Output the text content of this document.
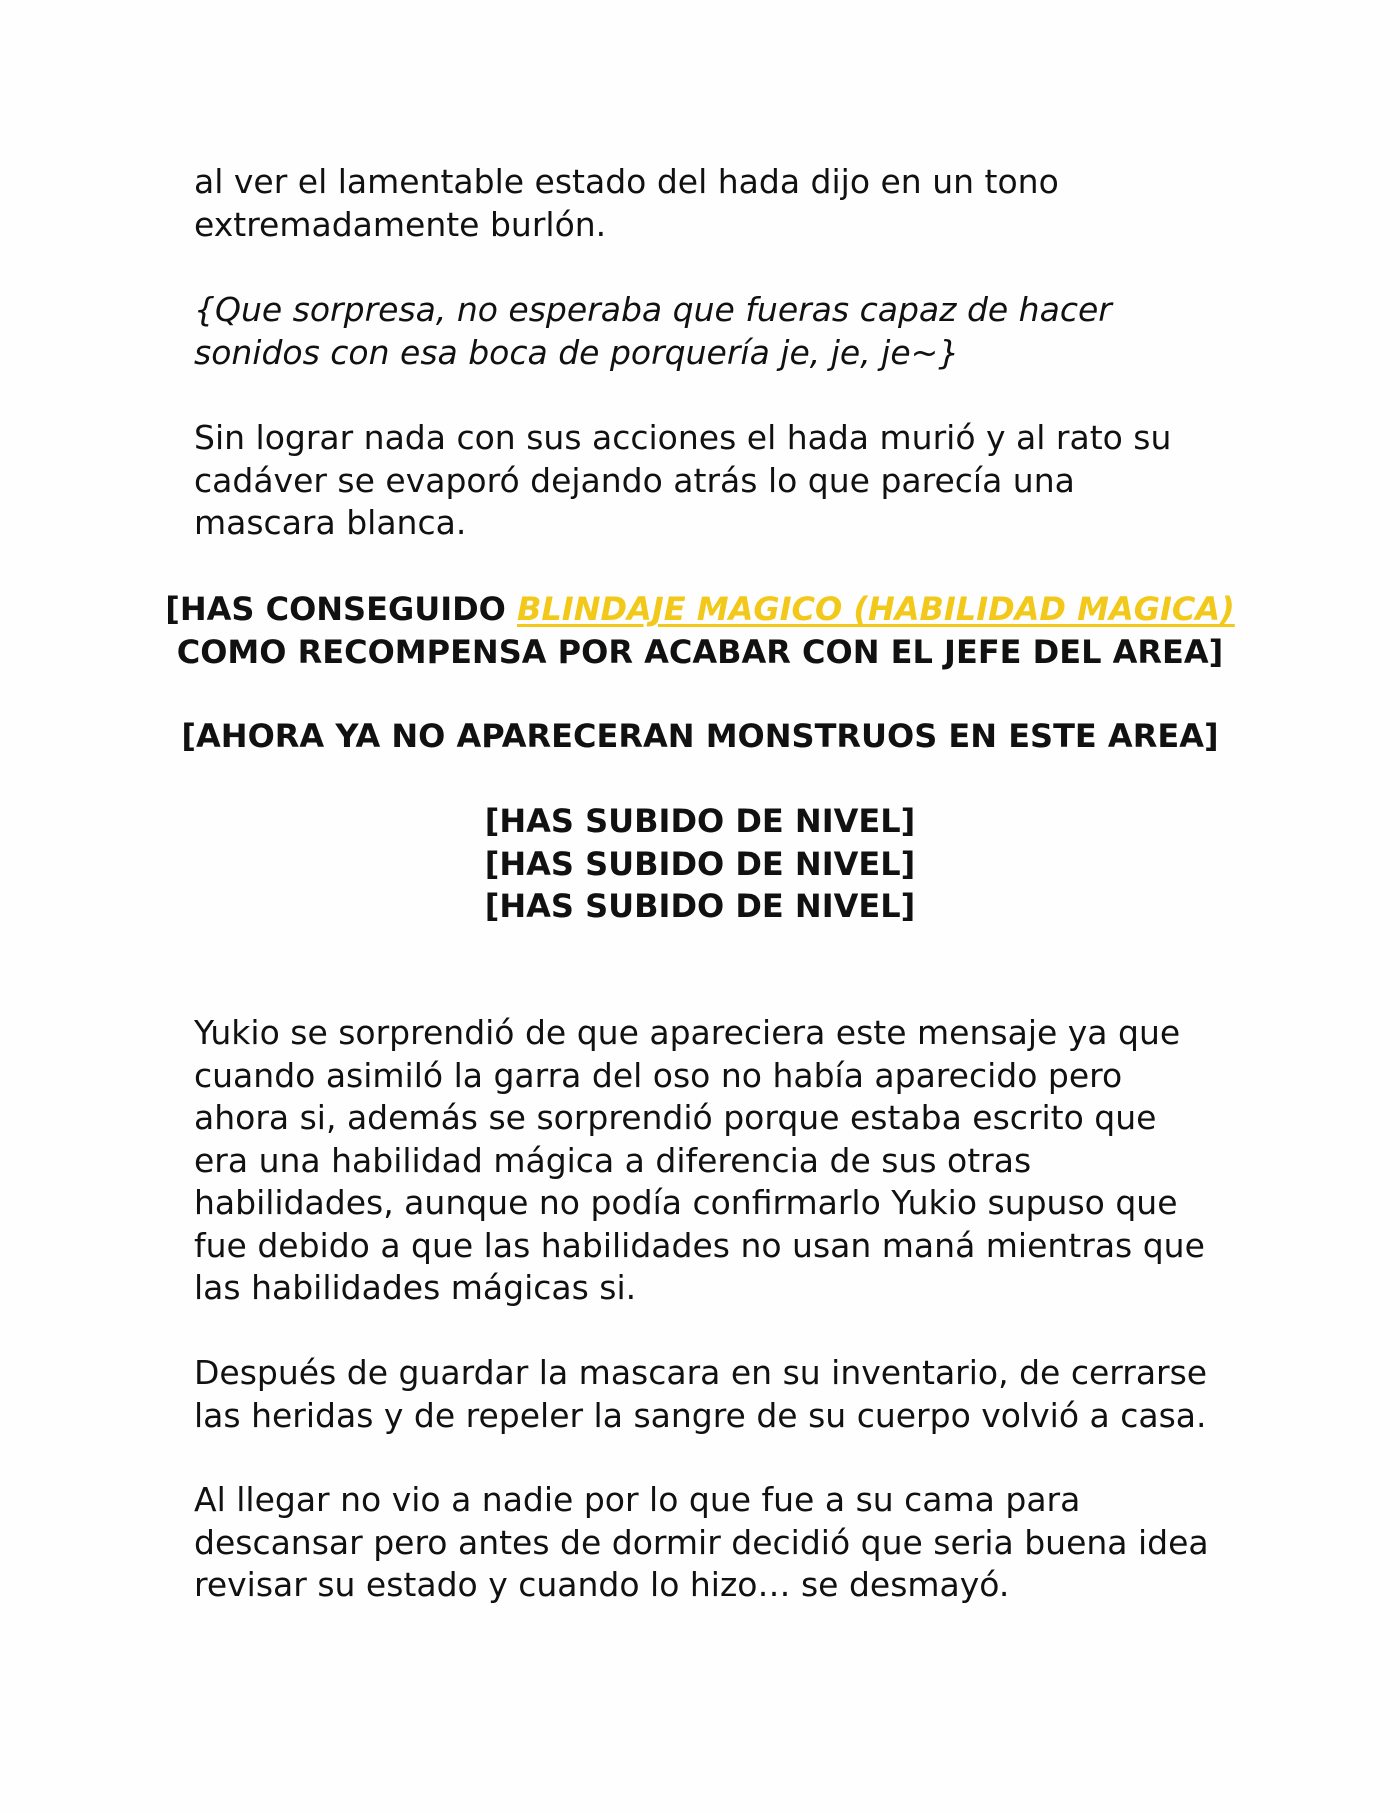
al ver el lamentable estado del hada dijo en un tono
extremadamente burlón.

{Que sorpresa, no esperaba que fueras capaz de hacer
sonidos con esa boca de porquería je, je, je~}

Sin lograr nada con sus acciones el hada murió y al rato su
cadáver se evaporó dejando atrás lo que parecía una
mascara blanca.

[HAS CONSEGUIDO BLINDAJE MAGICO (HABILIDAD MAGICA)
COMO RECOMPENSA POR ACABAR CON EL JEFE DEL AREA]
[AHORA YA NO APARECERAN MONSTRUOS EN ESTE AREA]
[HAS SUBIDO DE NIVEL]
[HAS SUBIDO DE NIVEL]
[HAS SUBIDO DE NIVEL]

Yukio se sorprendió de que apareciera este mensaje ya que
cuando asimiló la garra del oso no había aparecido pero
ahora si, además se sorprendió porque estaba escrito que
era una habilidad mágica a diferencia de sus otras
habilidades, aunque no podía confirmarlo Yukio supuso que
fue debido a que las habilidades no usan maná mientras que
las habilidades mágicas si.

Después de guardar la mascara en su inventario, de cerrarse
las heridas y de repeler la sangre de su cuerpo volvió a casa.

Al llegar no vio a nadie por lo que fue a su cama para
descansar pero antes de dormir decidió que seria buena idea
revisar su estado y cuando lo hizo… se desmayó.
